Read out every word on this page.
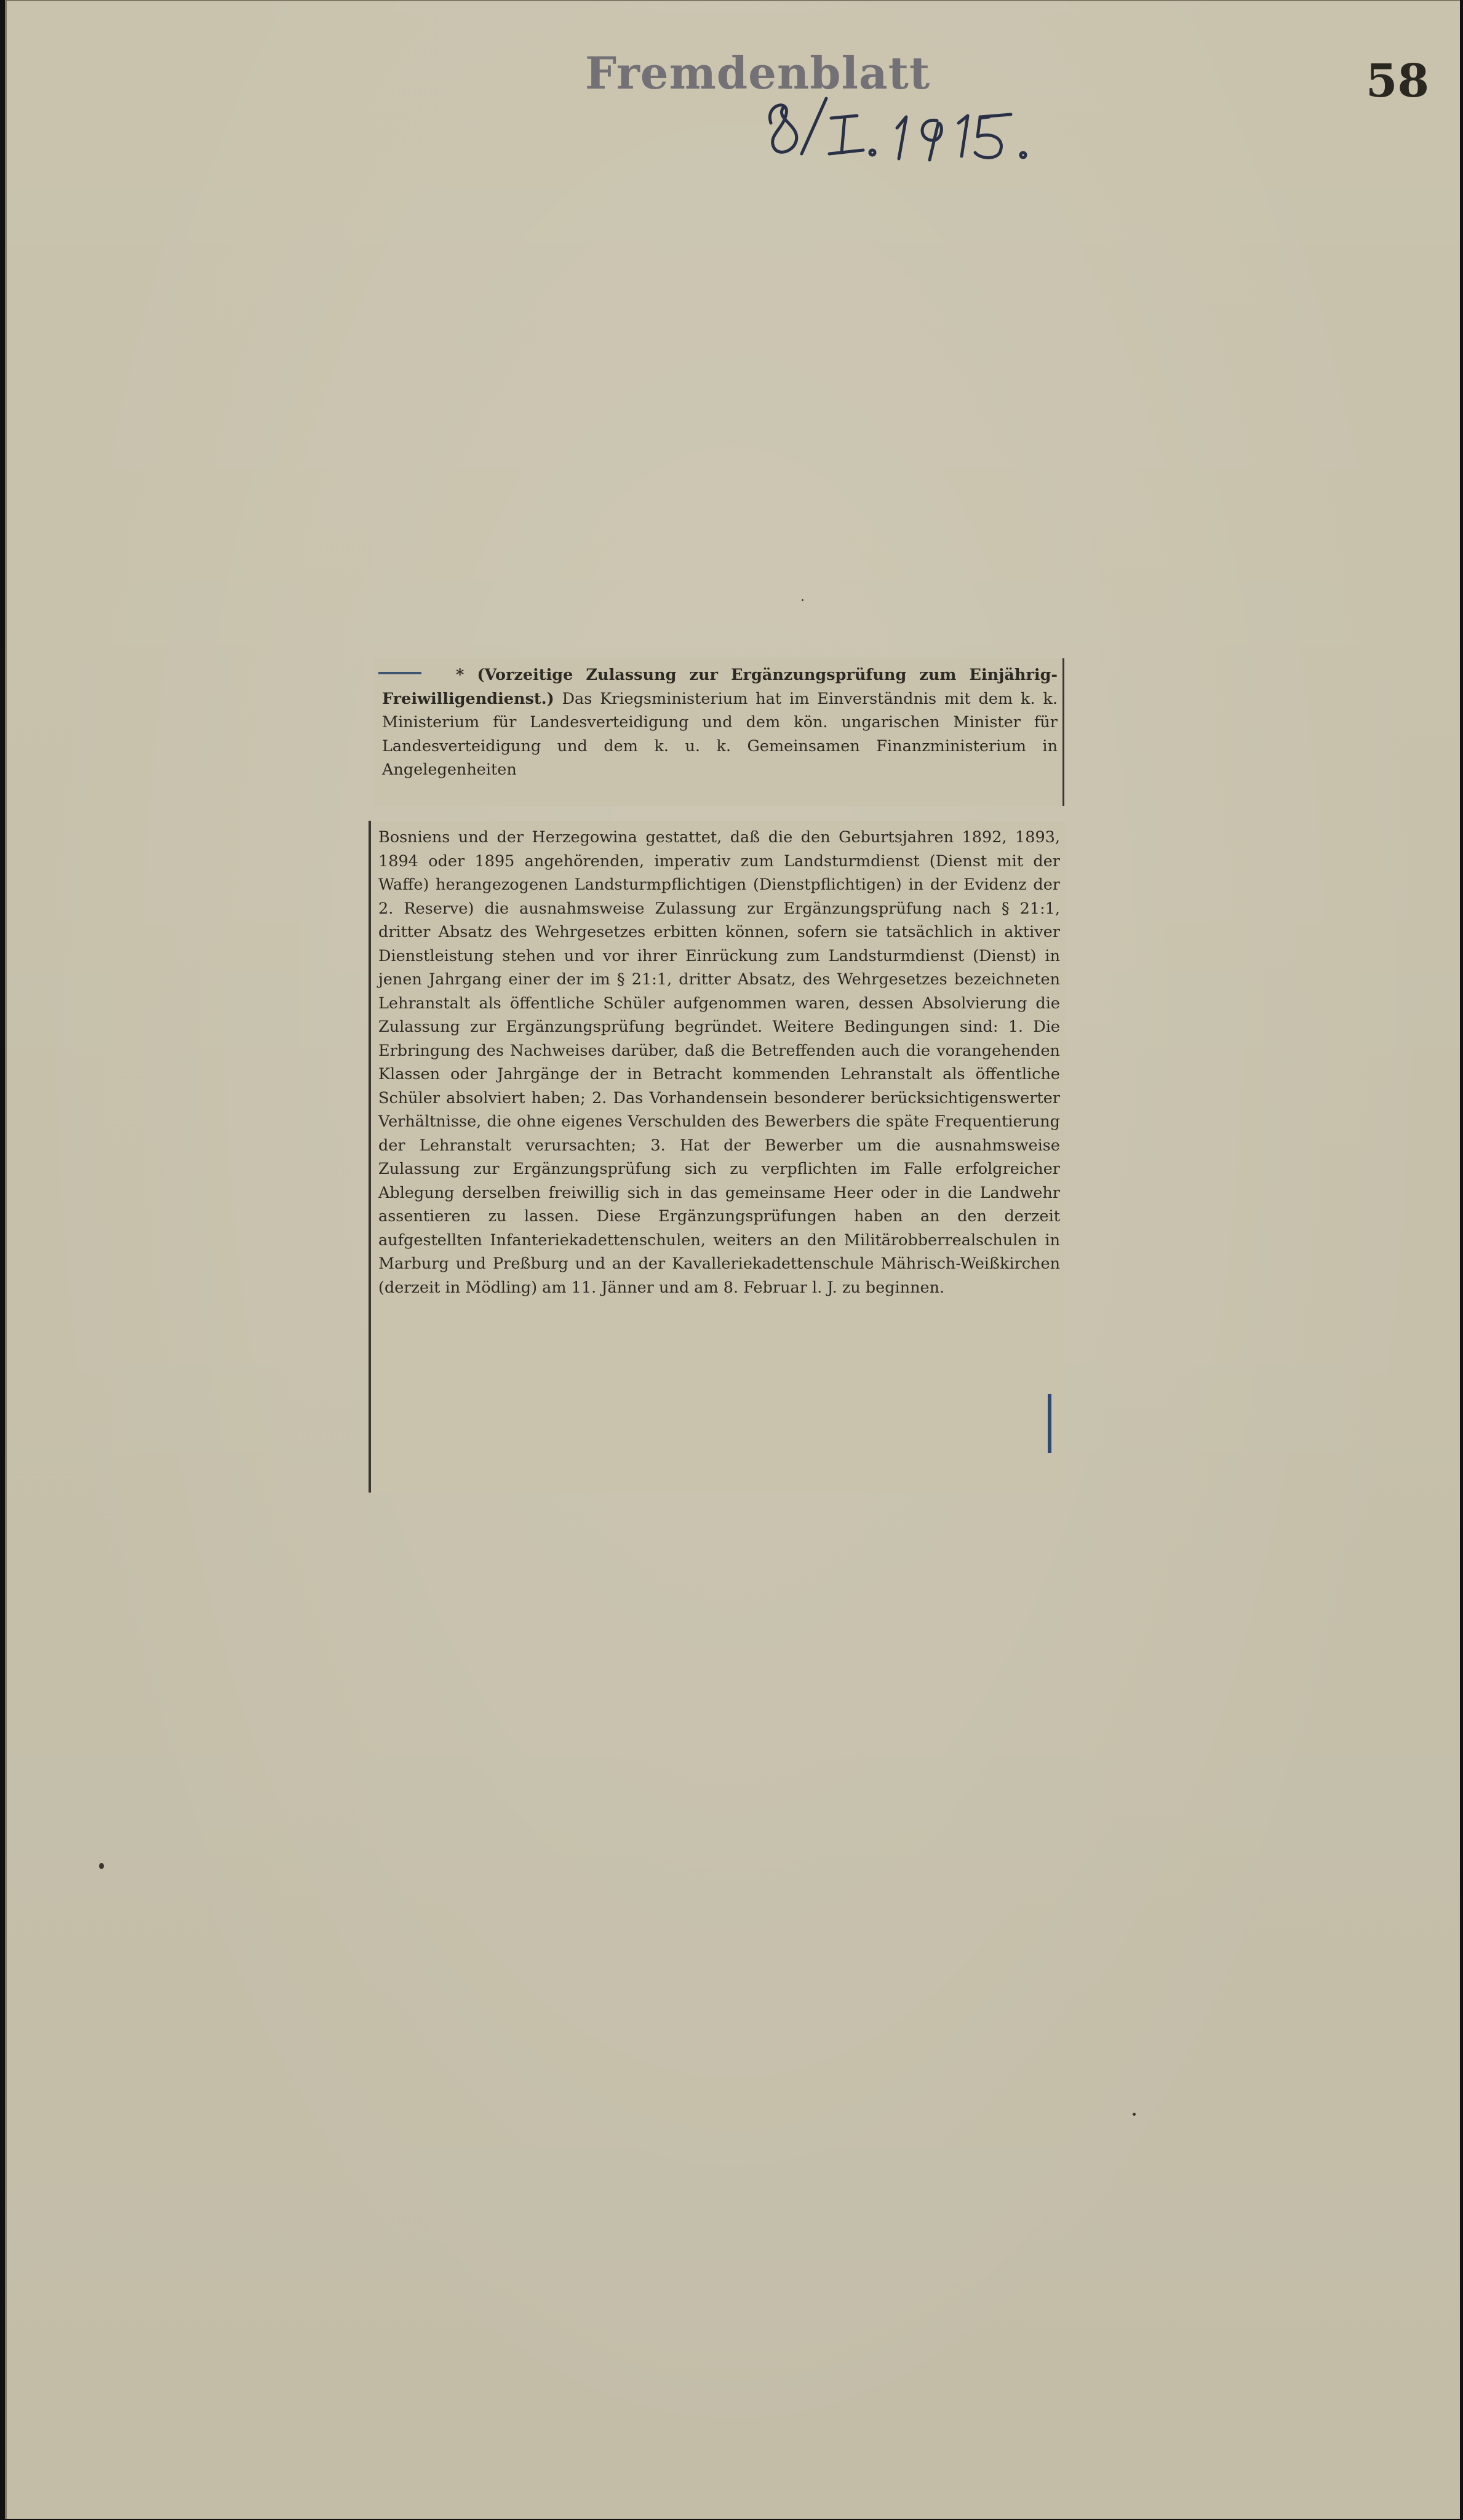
Fremdenblatt	58
* (Vorzeitige Zulassung zur Ergänzungsprüfung zum Einjährig-Freiwilligendienst.) Das Kriegsministerium hat im Einverständnis mit dem k. k. Ministerium für Landesverteidigung und dem kön. ungarischen Minister für Landesverteidigung und dem k. u. k. Gemeinsamen Finanzministerium in Angelegenheiten
Bosniens und der Herzegowina gestattet, daß die den Geburtsjahren 1892, 1893, 1894 oder 1895 angehörenden, imperativ zum Landsturmdienst (Dienst mit der Waffe) herangezogenen Landsturmpflichtigen (Dienstpflichtigen) in der Evidenz der 2. Reserve) die ausnahmsweise Zulassung zur Ergänzungsprüfung nach § 21:1, dritter Absatz des Wehrgesetzes erbitten können, sofern sie tatsächlich in aktiver Dienstleistung stehen und vor ihrer Einrückung zum Landsturmdienst (Dienst) in jenen Jahrgang einer der im § 21:1, dritter Absatz, des Wehrgesetzes bezeichneten Lehranstalt als öffentliche Schüler aufgenommen waren, dessen Absolvierung die Zulassung zur Ergänzungsprüfung begründet. Weitere Bedingungen sind: 1. Die Erbringung des Nachweises darüber, daß die Betreffenden auch die vorangehenden Klassen oder Jahrgänge der in Betracht kommenden Lehranstalt als öffentliche Schüler absolviert haben; 2. Das Vorhandensein besonderer berücksichtigenswerter Verhältnisse, die ohne eigenes Verschulden des Bewerbers die späte Frequentierung der Lehranstalt verursachten; 3. Hat der Bewerber um die ausnahmsweise Zulassung zur Ergänzungsprüfung sich zu verpflichten im Falle erfolgreicher Ablegung derselben freiwillig sich in das gemeinsame Heer oder in die Landwehr assentieren zu lassen. Diese Ergänzungsprüfungen haben an den derzeit aufgestellten Infanteriekadettenschulen, weiters an den Militärobberrealschulen in Marburg und Preßburg und an der Kavalleriekadettenschule Mährisch-Weißkirchen (derzeit in Mödling) am 11. Jänner und am 8. Februar l. J. zu beginnen.
